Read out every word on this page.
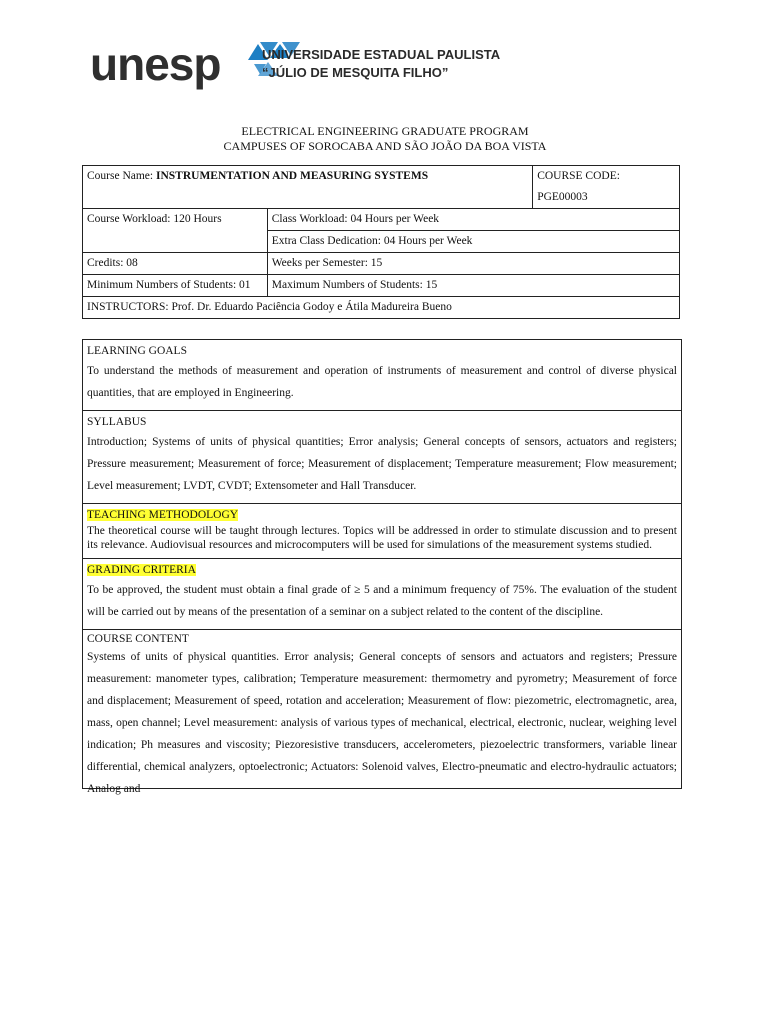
unesp	UNIVERSIDADE ESTADUAL PAULISTA
“JÚLIO DE MESQUITA FILHO”
ELECTRICAL ENGINEERING GRADUATE PROGRAM
CAMPUSES OF SOROCABA AND SÃO JOÃO DA BOA VISTA
Course Name: INSTRUMENTATION AND MEASURING SYSTEMS		COURSE CODE:
		PGE00003
Course Workload: 120 Hours	Class Workload: 04 Hours per Week	
	Extra Class Dedication: 04 Hours per Week	
Credits: 08	Weeks per Semester: 15	
Minimum Numbers of Students: 01	Maximum Numbers of Students: 15	
INSTRUCTORS: Prof. Dr. Eduardo Paciência Godoy e Átila Madureira Bueno		
LEARNING GOALS

To understand the methods of measurement and operation of instruments of measurement and control of diverse physical quantities, that are employed in Engineering.

SYLLABUS

Introduction; Systems of units of physical quantities; Error analysis; General concepts of sensors, actuators and registers; Pressure measurement; Measurement of force; Measurement of displacement; Temperature measurement; Flow measurement; Level measurement; LVDT, CVDT; Extensometer and Hall Transducer.

TEACHING METHODOLOGY

The theoretical course will be taught through lectures. Topics will be addressed in order to stimulate discussion and to present its relevance. Audiovisual resources and microcomputers will be used for simulations of the measurement systems studied.

GRADING CRITERIA

To be approved, the student must obtain a final grade of ≥ 5 and a minimum frequency of 75%. The evaluation of the student will be carried out by means of the presentation of a seminar on a subject related to the content of the discipline.

COURSE CONTENT

Systems of units of physical quantities. Error analysis; General concepts of sensors and actuators and registers; Pressure measurement: manometer types, calibration; Temperature measurement: thermometry and pyrometry; Measurement of force and displacement; Measurement of speed, rotation and acceleration; Measurement of flow: piezometric, electromagnetic, area, mass, open channel; Level measurement: analysis of various types of mechanical, electrical, electronic, nuclear, weighing level indication; Ph measures and viscosity; Piezoresistive transducers, accelerometers, piezoelectric transformers, variable linear differential, chemical analyzers, optoelectronic; Actuators: Solenoid valves, Electro-pneumatic and electro-hydraulic actuators; Analog and
